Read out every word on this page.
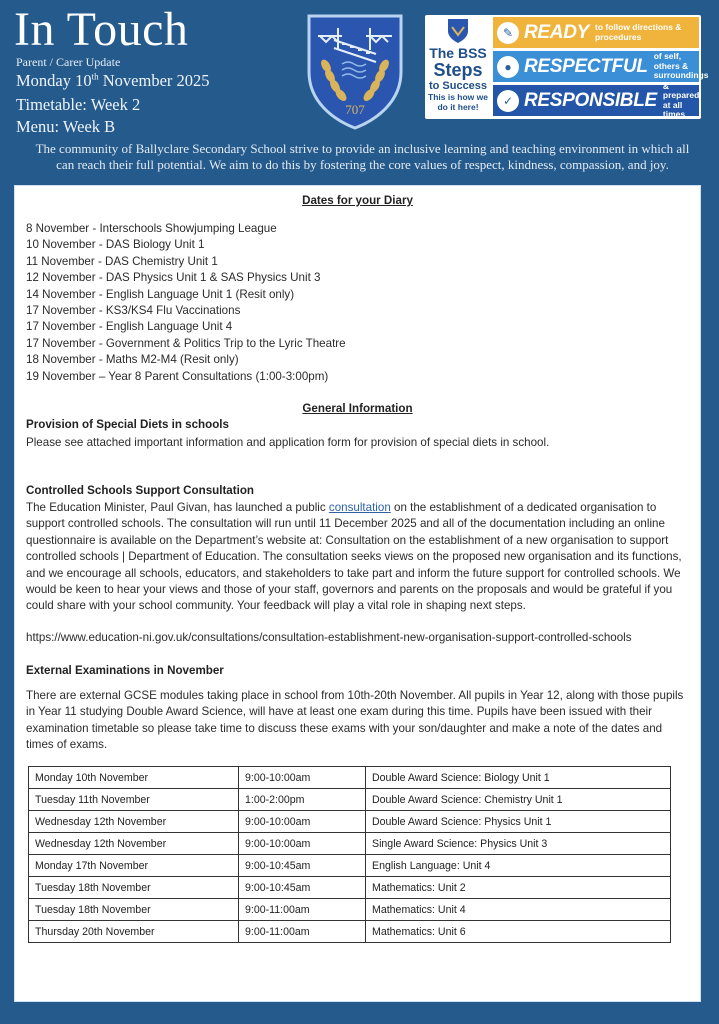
In Touch
Parent / Carer Update
Monday 10th November 2025
Timetable: Week 2
Menu: Week B
707
The BSS
Steps
to Success
This is how we do it here!
✎ READY to follow directions & procedures
● RESPECTFUL of self, others & surroundings
✓ RESPONSIBLE
& prepared at all times
The community of Ballyclare Secondary School strive to provide an inclusive learning and teaching environment in which all can reach their full potential. We aim to do this by fostering the core values of respect, kindness, compassion, and joy.
Dates for your Diary
8 November - Interschools Showjumping League
10 November - DAS Biology Unit 1
11 November - DAS Chemistry Unit 1
12 November - DAS Physics Unit 1 & SAS Physics Unit 3
14 November - English Language Unit 1 (Resit only)
17 November - KS3/KS4 Flu Vaccinations
17 November - English Language Unit 4
17 November - Government & Politics Trip to the Lyric Theatre
18 November - Maths M2-M4 (Resit only)
19 November – Year 8 Parent Consultations (1:00-3:00pm)
General Information
Provision of Special Diets in schools
Please see attached important information and application form for provision of special diets in school.
Controlled Schools Support Consultation
The Education Minister, Paul Givan, has launched a public consultation on the establishment of a dedicated organisation to support controlled schools. The consultation will run until 11 December 2025 and all of the documentation including an online questionnaire is available on the Department’s website at: Consultation on the establishment of a new organisation to support controlled schools | Department of Education. The consultation seeks views on the proposed new organisation and its functions, and we encourage all schools, educators, and stakeholders to take part and inform the future support for controlled schools. We would be keen to hear your views and those of your staff, governors and parents on the proposals and would be grateful if you could share with your school community. Your feedback will play a vital role in shaping next steps.
https://www.education-ni.gov.uk/consultations/consultation-establishment-new-organisation-support-controlled-schools
External Examinations in November
There are external GCSE modules taking place in school from 10th-20th November. All pupils in Year 12, along with those pupils in Year 11 studying Double Award Science, will have at least one exam during this time. Pupils have been issued with their examination timetable so please take time to discuss these exams with your son/daughter and make a note of the dates and times of exams.
Monday 10th November	9:00-10:00am	Double Award Science: Biology Unit 1
Tuesday 11th November	1:00-2:00pm	Double Award Science: Chemistry Unit 1
Wednesday 12th November	9:00-10:00am	Double Award Science: Physics Unit 1
Wednesday 12th November	9:00-10:00am	Single Award Science: Physics Unit 3
Monday 17th November	9:00-10:45am	English Language: Unit 4
Tuesday 18th November	9:00-10:45am	Mathematics: Unit 2
Tuesday 18th November	9:00-11:00am	Mathematics: Unit 4
Thursday 20th November	9:00-11:00am	Mathematics: Unit 6
